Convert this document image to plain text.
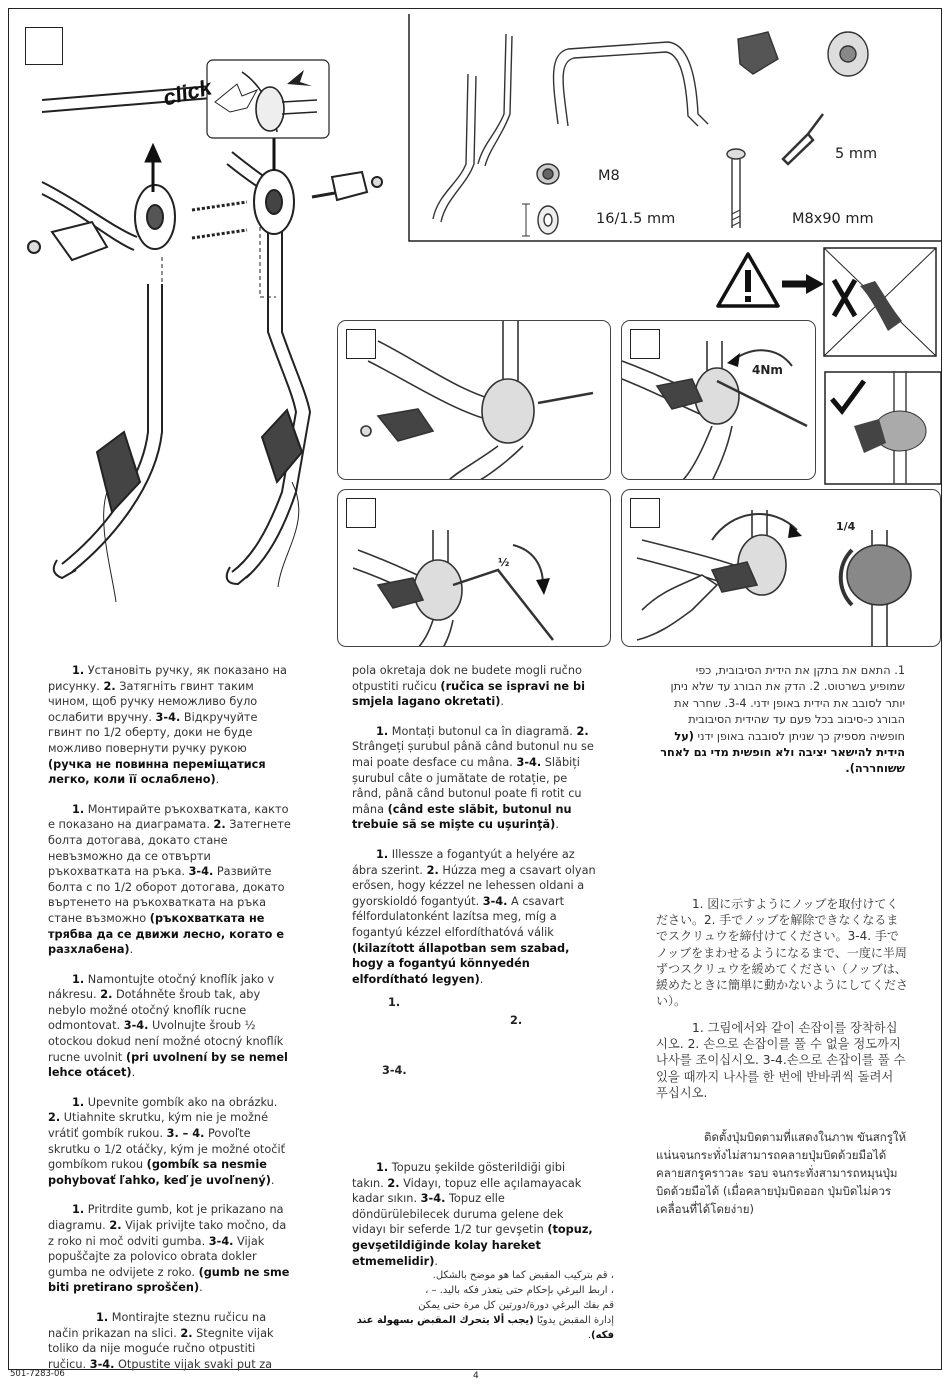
click
M8
16/1.5 mm	M8x90 mm
5 mm
4Nm
½
1/4

1. Установіть ручку, як показано на рисунку. 2. Затягніть гвинт таким чином, щоб ручку неможливо було ослабити вручну. 3-4. Відкручуйте гвинт по 1/2 оберту, доки не буде можливо повернути ручку рукою (ручка не повинна переміщатися легко, коли її ослаблено).

1. Монтирайте ръкохватката, както е показано на диаграмата. 2. Затегнете болта дотогава, докато стане невъзможно да се отвърти ръкохватката на ръка. 3-4. Развийте болта с по 1/2 оборот дотогава, докато въртенето на ръкохватката на ръка стане възможно (ръкохватката не трябва да се движи лесно, когато е разхлабена).

1. Namontujte otočný knoflík jako v nákresu. 2. Dotáhněte šroub tak, aby nebylo možné otočný knoflík rucne odmontovat. 3-4. Uvolnujte šroub ½ otockou dokud není možné otocný knoflík rucne uvolnit (pri uvolnení by se nemel lehce otácet).

1. Upevnite gombík ako na obrázku. 2. Utiahnite skrutku, kým nie je možné vrátiť gombík rukou. 3. – 4. Povoľte skrutku o 1/2 otáčky, kým je možné otočiť gombíkom rukou (gombík sa nesmie pohybovať ľahko, keď je uvoľnený).

1. Pritrdite gumb, kot je prikazano na diagramu. 2. Vijak privijte tako močno, da z roko ni moč odviti gumba. 3-4. Vijak popuščajte za polovico obrata dokler gumba ne odvijete z roko. (gumb ne sme biti pretirano sproščen).

1. Montirajte steznu ručicu na način prikazan na slici. 2. Stegnite vijak toliko da nije moguće ručno otpustiti ručicu. 3-4. Otpustite vijak svaki put za

pola okretaja dok ne budete mogli ručno otpustiti ručicu (ručica se ispravi ne bi smjela lagano okretati).

1. Montați butonul ca în diagramă. 2. Strângeți șurubul până când butonul nu se mai poate desface cu mâna. 3-4. Slăbiți șurubul câte o jumătate de rotație, pe rând, până când butonul poate fi rotit cu mâna (când este slăbit, butonul nu trebuie să se mişte cu uşurinţă).

1. Illessze a fogantyút a helyére az ábra szerint. 2. Húzza meg a csavart olyan erősen, hogy kézzel ne lehessen oldani a gyorskioldó fogantyút. 3-4. A csavart félfordulatonként lazítsa meg, míg a fogantyú kézzel elfordíthatóvá válik (kilazított állapotban sem szabad, hogy a fogantyú könnyedén elfordítható legyen).

1.
2.
3-4.

1. Topuzu şekilde gösterildiği gibi takın. 2. Vidayı, topuz elle açılamayacak kadar sıkın. 3-4. Topuz elle döndürülebilecek duruma gelene dek vidayı bir seferde 1/2 tur gevşetin (topuz, gevşetildiğinde kolay hareket etmemelidir).

، قم بتركيب المقبض كما هو موضح بالشكل.
، اربط البرغي بإحكام حتى يتعذر فكه باليد. – ،
قم بفك البرغي دورة/دورتين كل مرة حتى يمكن
إدارة المقبض يدويًا (يجب ألا يتحرك المقبض بسهولة عند فكه).
1. התאם את בתקן את הידית הסיבובית, כפי שמופיע בשרטוט. 2. הדק את הבורג עד שלא ניתן יותר לסובב את הידית באופן ידני. 3-4. שחרר את הבורג כ-סיבוב בכל פעם עד שהידית הסיבובית חופשיה מספיק כך שניתן לסובבה באופן ידני (על הידית להישאר יציבה ולא חופשית מדי גם לאחר ששוחררה).
1. 図に示すようにノッブを取付けてください。2. 手でノッブを解除できなくなるまでスクリュウを締付けてください。3-4. 手でノッブをまわせるようになるまで、一度に半周ずつスクリュウを緩めてください（ノッブは、緩めたときに簡単に動かないようにしてください）。
1. 그림에서와 같이 손잡이를 장착하십시오. 2. 손으로 손잡이를 풀 수 없을 정도까지 나사를 조이십시오. 3-4.손으로 손잡이를 풀 수 있을 때까지 나사를 한 번에 반바퀴씩 돌려서 푸십시오.
ติดตั้งปุ่มบิดตามที่แสดงในภาพ ขันสกรูให้แน่นจนกระทั่งไม่สามารถคลายปุ่มบิดด้วยมือได้ คลายสกรูคราวละ รอบ จนกระทั่งสามารถหมุนปุ่มบิดด้วยมือได้ (เมื่อคลายปุ่มบิดออก ปุ่มบิดไม่ควรเคลื่อนที่ได้โดยง่าย)
501-7283-06	4
